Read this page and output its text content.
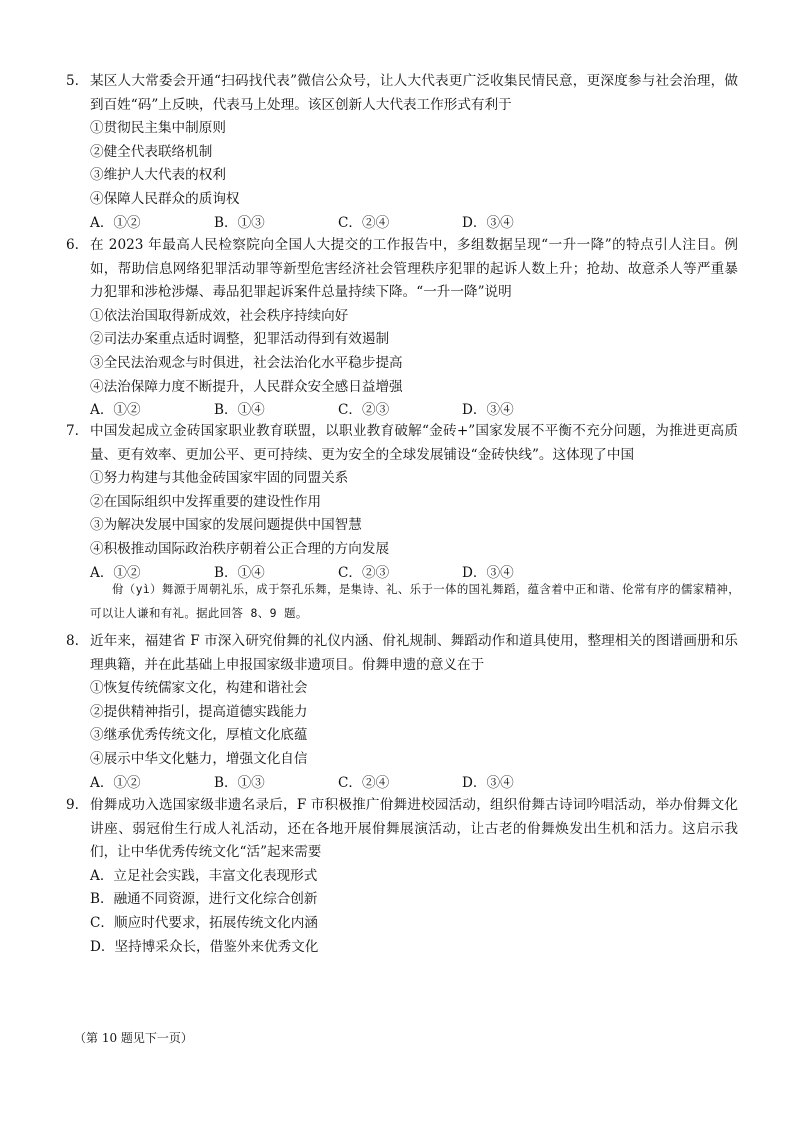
5. 某区人大常委会开通“扫码找代表”微信公众号，让人大代表更广泛收集民情民意，更深度参与社会治理，做到百姓“码”上反映，代表马上处理。该区创新人大代表工作形式有利于
①贯彻民主集中制原则
②健全代表联络机制
③维护人大代表的权利
④保障人民群众的质询权
A．①②	B．①③	C．②④	D．③④
6. 在 2023 年最高人民检察院向全国人大提交的工作报告中，多组数据呈现“一升一降”的特点引人注目。例如，帮助信息网络犯罪活动罪等新型危害经济社会管理秩序犯罪的起诉人数上升；抢劫、故意杀人等严重暴力犯罪和涉枪涉爆、毒品犯罪起诉案件总量持续下降。“一升一降”说明
①依法治国取得新成效，社会秩序持续向好
②司法办案重点适时调整，犯罪活动得到有效遏制
③全民法治观念与时俱进，社会法治化水平稳步提高
④法治保障力度不断提升，人民群众安全感日益增强
A．①②	B．①④	C．②③	D．③④
7. 中国发起成立金砖国家职业教育联盟，以职业教育破解“金砖+”国家发展不平衡不充分问题，为推进更高质量、更有效率、更加公平、更可持续、更为安全的全球发展铺设“金砖快线”。这体现了中国
①努力构建与其他金砖国家牢固的同盟关系
②在国际组织中发挥重要的建设性作用
③为解决发展中国家的发展问题提供中国智慧
④积极推动国际政治秩序朝着公正合理的方向发展
A．①②	B．①④	C．②③	D．③④
佾（yì）舞源于周朝礼乐，成于祭孔乐舞，是集诗、礼、乐于一体的国礼舞蹈，蕴含着中正和谐、伦常有序的儒家精神，可以让人谦和有礼。据此回答 8、9 题。
8. 近年来，福建省 F 市深入研究佾舞的礼仪内涵、佾礼规制、舞蹈动作和道具使用，整理相关的图谱画册和乐理典籍，并在此基础上申报国家级非遗项目。佾舞申遗的意义在于
①恢复传统儒家文化，构建和谐社会
②提供精神指引，提高道德实践能力
③继承优秀传统文化，厚植文化底蕴
④展示中华文化魅力，增强文化自信
A．①②	B．①③	C．②④	D．③④
9. 佾舞成功入选国家级非遗名录后，F 市积极推广佾舞进校园活动，组织佾舞古诗词吟唱活动，举办佾舞文化讲座、弱冠佾生行成人礼活动，还在各地开展佾舞展演活动，让古老的佾舞焕发出生机和活力。这启示我们，让中华优秀传统文化“活”起来需要
A．立足社会实践，丰富文化表现形式
B．融通不同资源，进行文化综合创新
C．顺应时代要求，拓展传统文化内涵
D．坚持博采众长，借鉴外来优秀文化
（第 10 题见下一页）
